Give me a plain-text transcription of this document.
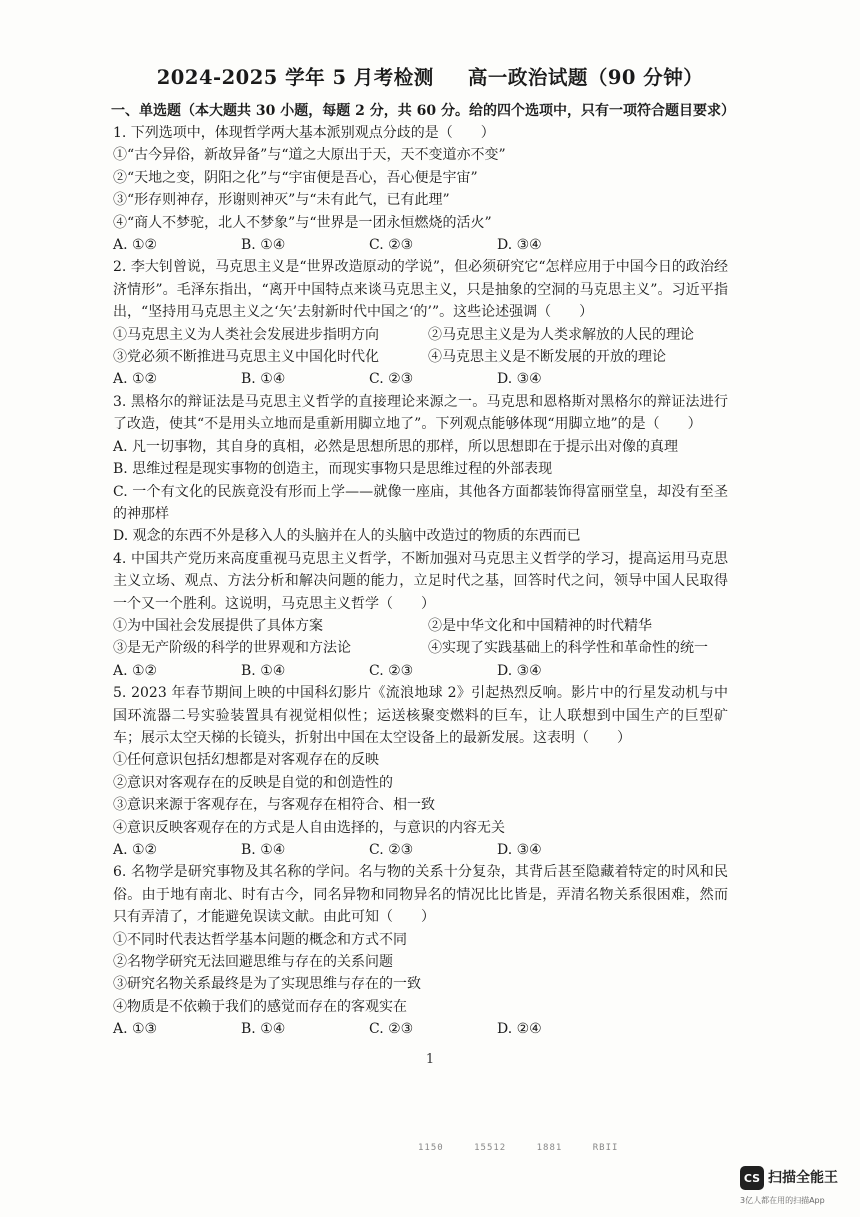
2024-2025 学年 5 月考检测 高一政治试题（90 分钟）
一、单选题（本大题共 30 小题，每题 2 分，共 60 分。给的四个选项中，只有一项符合题目要求）
1. 下列选项中，体现哲学两大基本派别观点分歧的是（　　）
①“古今异俗，新故异备”与“道之大原出于天，天不变道亦不变”
②“天地之变，阴阳之化”与“宇宙便是吾心，吾心便是宇宙”
③“形存则神存，形谢则神灭”与“未有此气，已有此理”
④“商人不梦驼，北人不梦象”与“世界是一团永恒燃烧的活火”
A. ①②	B. ①④	C. ②③	D. ③④
2. 李大钊曾说，马克思主义是“世界改造原动的学说”，但必须研究它“怎样应用于中国今日的政治经济情形”。毛泽东指出，“离开中国特点来谈马克思主义，只是抽象的空洞的马克思主义”。习近平指出，“坚持用马克思主义之‘矢’去射新时代中国之‘的’”。这些论述强调（　　）
①马克思主义为人类社会发展进步指明方向	②马克思主义是为人类求解放的人民的理论
③党必须不断推进马克思主义中国化时代化	④马克思主义是不断发展的开放的理论
A. ①②	B. ①④	C. ②③	D. ③④
3. 黑格尔的辩证法是马克思主义哲学的直接理论来源之一。马克思和恩格斯对黑格尔的辩证法进行了改造，使其“不是用头立地而是重新用脚立地了”。下列观点能够体现“用脚立地”的是（　　）
A. 凡一切事物，其自身的真相，必然是思想所思的那样，所以思想即在于提示出对像的真理
B. 思维过程是现实事物的创造主，而现实事物只是思维过程的外部表现
C. 一个有文化的民族竟没有形而上学——就像一座庙，其他各方面都装饰得富丽堂皇，却没有至圣的神那样
D. 观念的东西不外是移入人的头脑并在人的头脑中改造过的物质的东西而已
4. 中国共产党历来高度重视马克思主义哲学，不断加强对马克思主义哲学的学习，提高运用马克思主义立场、观点、方法分析和解决问题的能力，立足时代之基，回答时代之问，领导中国人民取得一个又一个胜利。这说明，马克思主义哲学（　　）
①为中国社会发展提供了具体方案	②是中华文化和中国精神的时代精华
③是无产阶级的科学的世界观和方法论	④实现了实践基础上的科学性和革命性的统一
A. ①②	B. ①④	C. ②③	D. ③④
5. 2023 年春节期间上映的中国科幻影片《流浪地球 2》引起热烈反响。影片中的行星发动机与中国环流器二号实验装置具有视觉相似性；运送核聚变燃料的巨车，让人联想到中国生产的巨型矿车；展示太空天梯的长镜头，折射出中国在太空设备上的最新发展。这表明（　　）
①任何意识包括幻想都是对客观存在的反映
②意识对客观存在的反映是自觉的和创造性的
③意识来源于客观存在，与客观存在相符合、相一致
④意识反映客观存在的方式是人自由选择的，与意识的内容无关
A. ①②	B. ①④	C. ②③	D. ③④
6. 名物学是研究事物及其名称的学问。名与物的关系十分复杂，其背后甚至隐藏着特定的时风和民俗。由于地有南北、时有古今，同名异物和同物异名的情况比比皆是，弄清名物关系很困难，然而只有弄清了，才能避免误读文献。由此可知（　　）
①不同时代表达哲学基本问题的概念和方式不同
②名物学研究无法回避思维与存在的关系问题
③研究名物关系最终是为了实现思维与存在的一致
④物质是不依赖于我们的感觉而存在的客观实在
A. ①③	B. ①④	C. ②③	D. ②④
1
1150	15512	1881	RBII
CS 扫描全能王
3亿人都在用的扫描App
